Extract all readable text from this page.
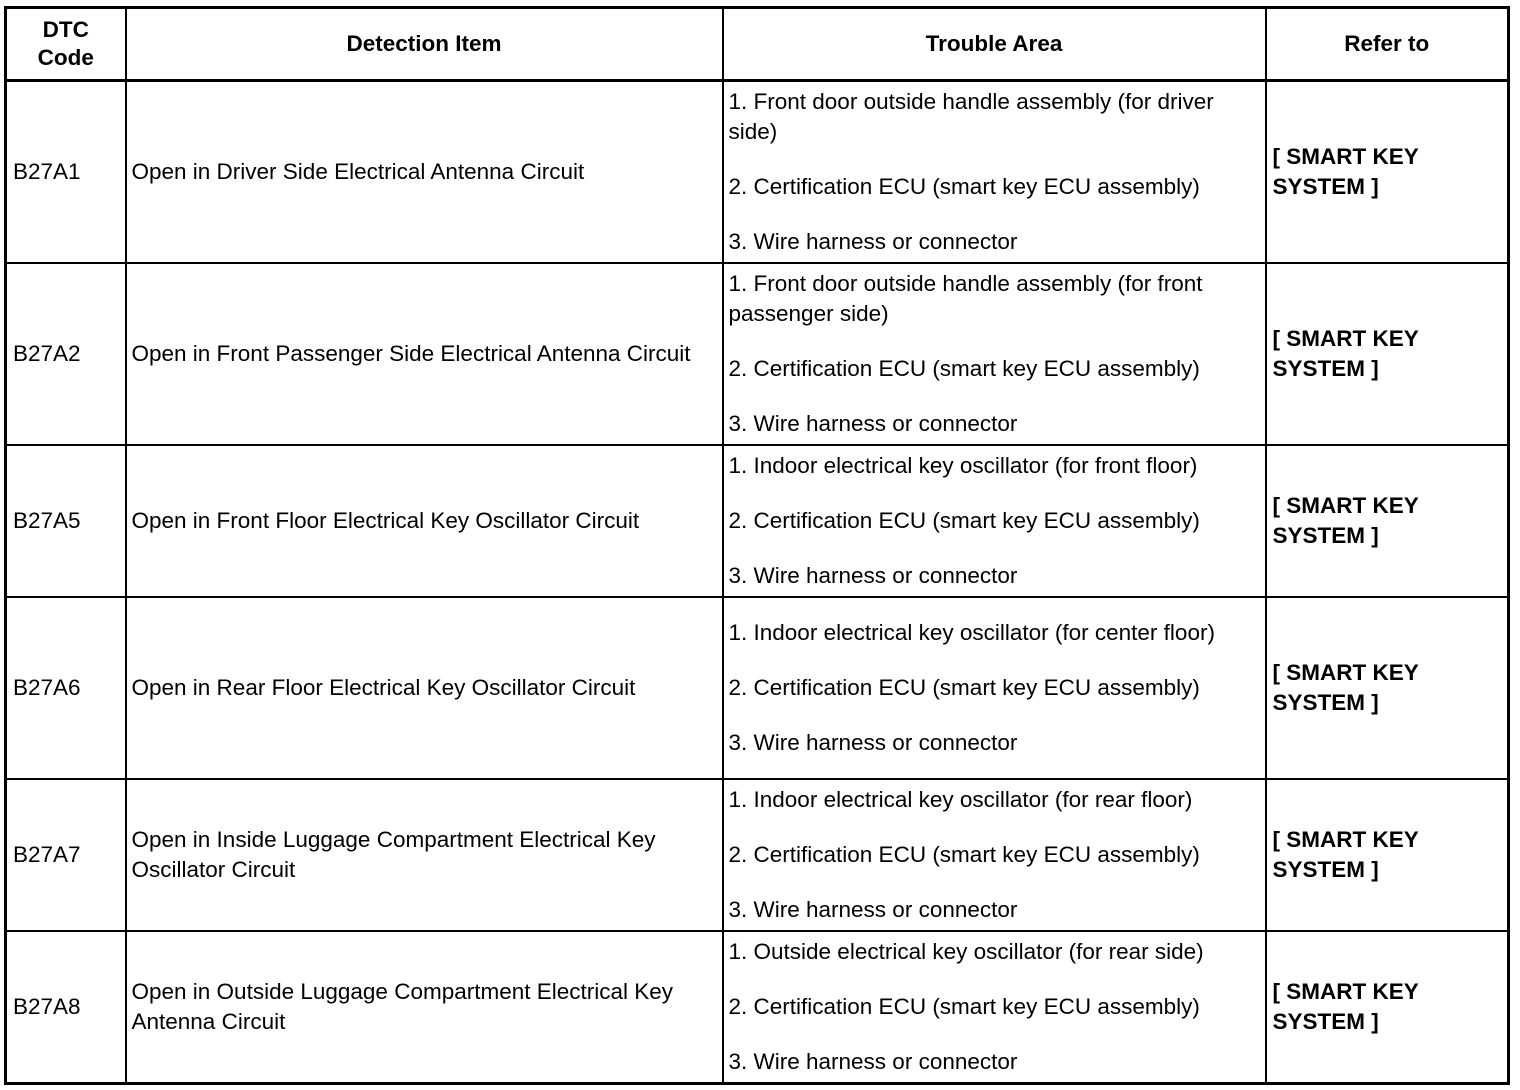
DTC
Code	Detection Item	Trouble Area	Refer to
B27A1	Open in Driver Side Electrical Antenna Circuit	1. Front door outside handle assembly (for driver side)

2. Certification ECU (smart key ECU assembly)

3. Wire harness or connector	[ SMART KEY SYSTEM ]
B27A2	Open in Front Passenger Side Electrical Antenna Circuit	1. Front door outside handle assembly (for front passenger side)

2. Certification ECU (smart key ECU assembly)

3. Wire harness or connector	[ SMART KEY SYSTEM ]
B27A5	Open in Front Floor Electrical Key Oscillator Circuit	1. Indoor electrical key oscillator (for front floor)

2. Certification ECU (smart key ECU assembly)

3. Wire harness or connector	[ SMART KEY SYSTEM ]
B27A6	Open in Rear Floor Electrical Key Oscillator Circuit	1. Indoor electrical key oscillator (for center floor)

2. Certification ECU (smart key ECU assembly)

3. Wire harness or connector	[ SMART KEY SYSTEM ]
B27A7	Open in Inside Luggage Compartment Electrical Key Oscillator Circuit	1. Indoor electrical key oscillator (for rear floor)

2. Certification ECU (smart key ECU assembly)

3. Wire harness or connector	[ SMART KEY SYSTEM ]
B27A8	Open in Outside Luggage Compartment Electrical Key Antenna Circuit	1. Outside electrical key oscillator (for rear side)

2. Certification ECU (smart key ECU assembly)

3. Wire harness or connector	[ SMART KEY SYSTEM ]
